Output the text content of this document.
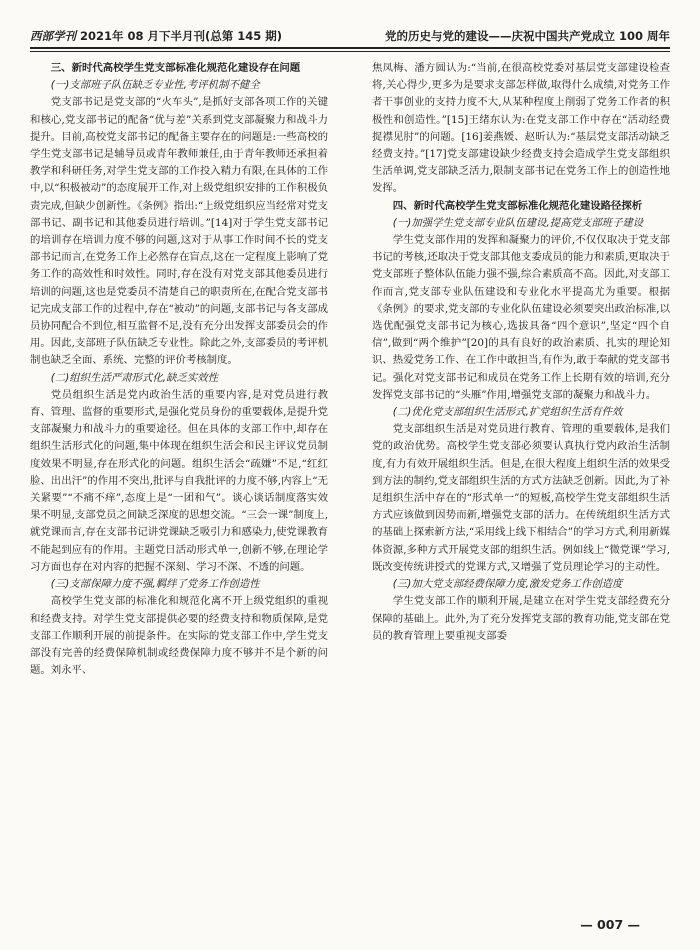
西部学刊 2021年 08 月下半月刊(总第 145 期)	党的历史与党的建设——庆祝中国共产党成立 100 周年

三、新时代高校学生党支部标准化规范化建设存在问题

(一)支部班子队伍缺乏专业性,考评机制不健全

党支部书记是党支部的“火车头”,是抓好支部各项工作的关键和核心,党支部书记的配备“优与差”关系到党支部凝聚力和战斗力提升。目前,高校党支部书记的配备主要存在的问题是:一些高校的学生党支部书记是辅导员或青年教师兼任,由于青年教师还承担着教学和科研任务,对学生党支部的工作投入精力有限,在具体的工作中,以“积极被动”的态度展开工作,对上级党组织安排的工作积极负责完成,但缺少创新性。《条例》指出:“上级党组织应当经常对党支部书记、副书记和其他委员进行培训。”[14]对于学生党支部书记的培训存在培训力度不够的问题,这对于从事工作时间不长的党支部书记而言,在党务工作上必然存在盲点,这在一定程度上影响了党务工作的高效性和时效性。同时,存在没有对党支部其他委员进行培训的问题,这也是党委员不清楚自己的职责所在,在配合党支部书记完成支部工作的过程中,存在“被动”的问题,支部书记与各支部成员协同配合不到位,相互监督不足,没有充分出发挥支部委员会的作用。因此,支部班子队伍缺乏专业性。除此之外,支部委员的考评机制也缺乏全面、系统、完整的评价考核制度。

(二)组织生活严肃形式化,缺乏实效性

党员组织生活是党内政治生活的重要内容,是对党员进行教育、管理、监督的重要形式,是强化党员身份的重要载体,是提升党支部凝聚力和战斗力的重要途径。但在具体的支部工作中,却存在组织生活形式化的问题,集中体现在组织生活会和民主评议党员制度效果不明显,存在形式化的问题。组织生活会“疏嫌”不足,“红红脸、出出汗”的作用不突出,批评与自我批评的力度不够,内容上“无关紧要”“不痛不痒”,态度上是“一团和气”。谈心谈话制度落实效果不明显,支部党员之间缺乏深度的思想交流。“三会一课”制度上,就党课而言,存在支部书记讲党课缺乏吸引力和感染力,使党课教育不能起到应有的作用。主题党日活动形式单一,创新不够,在理论学习方面也存在对内容的把握不深刻、学习不深、不透的问题。

(三)支部保障力度不强,羁绊了党务工作创造性

高校学生党支部的标准化和规范化离不开上级党组织的重视和经费支持。对学生党支部提供必要的经费支持和物质保障,是党支部工作顺利开展的前提条件。在实际的党支部工作中,学生党支部没有完善的经费保障机制或经费保障力度不够并不是个新的问题。刘永平、

焦凤梅、潘方圆认为:“当前,在很高校党委对基层党支部建设检查将,关心得少,更多为是要求支部怎样做,取得什么成绩,对党务工作者干事创业的支持力度不大,从某种程度上削弱了党务工作者的积极性和创造性。”[15]王绪东认为:在党支部工作中存在“活动经费捉襟见肘”的问题。[16]姜燕媛、赵昕认为:“基层党支部活动缺乏经费支持。”[17]党支部建设缺少经费支持会造成学生党支部组织生活单调,党支部缺乏活力,限制支部书记在党务工作上的创造性地发挥。

四、新时代高校学生党支部标准化规范化建设路径探析

(一)加强学生党支部专业队伍建设,提高党支部班子建设

学生党支部作用的发挥和凝聚力的评价,不仅仅取决于党支部书记的考核,还取决于党支部其他支委成员的能力和素质,更取决于党支部班子整体队伍能力强不强,综合素质高不高。因此,对支部工作而言,党支部专业队伍建设和专业化水平提高尤为重要。根据《条例》的要求,党支部的专业化队伍建设必须要突出政治标准,以选优配强党支部书记为核心,选拔具备“四个意识”,坚定“四个自信”,做到“两个维护”[20]的具有良好的政治素质、扎实的理论知识、热爱党务工作、在工作中敢担当,有作为,敢于奉献的党支部书记。强化对党支部书记和成员在党务工作上长期有效的培训,充分发挥党支部书记的“头雁”作用,增强党支部的凝聚力和战斗力。

(二)优化党支部组织生活形式,扩党组织生活有件效

党支部组织生活是对党员进行教育、管理的重要载体,是我们党的政治优势。高校学生党支部必须要认真执行党内政治生活制度,有力有效开展组织生活。但是,在很大程度上组织生活的效果受到方法的制约,党支部组织生活的方式方法缺乏创新。因此,为了补足组织生活中存在的“形式单一”的短板,高校学生党支部组织生活方式应该做到因势而新,增强党支部的活力。在传统组织生活方式的基础上探索新方法,“采用线上线下相结合”的学习方式,利用新媒体资源,多种方式开展党支部的组织生活。例如线上“微党课”学习,既改变传统讲授式的党课方式,又增强了党员理论学习的主动性。

(三)加大党支部经费保障力度,激发党务工作创造度

学生党支部工作的顺利开展,是建立在对学生党支部经费充分保障的基础上。此外,为了充分发挥党支部的教育功能,党支部在党员的教育管理上要重视支部委

— 007 —
